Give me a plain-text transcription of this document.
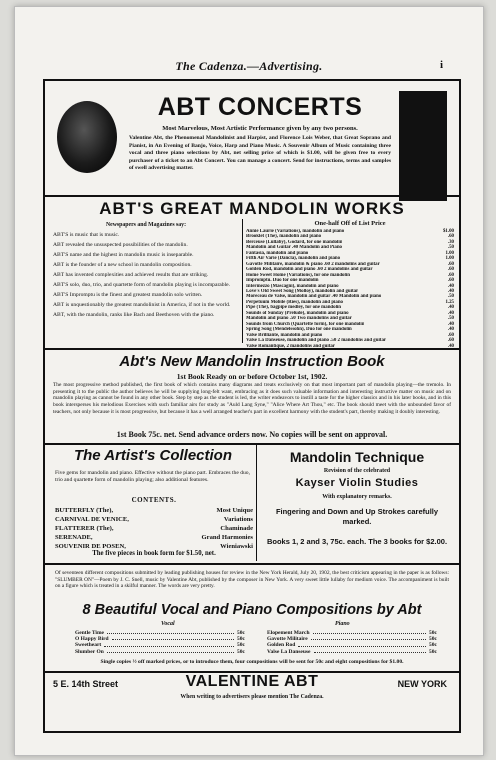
The Cadenza.—Advertising.	i
ABT CONCERTS
Most Marvelous, Most Artistic Performance given by any two persons.
Valentine Abt, the Phenomenal Mandolinist and Harpist, and Florence Lois Weber, that Great Soprano and Pianist, in An Evening of Banjo, Voice, Harp and Piano Music. A Souvenir Album of Music containing three vocal and three piano selections by Abt, net selling price of which is $1.00, will be given free to every purchaser of a ticket to an Abt Concert. You can manage a concert. Send for instructions, terms and samples of swell advertising matter.
ABT'S GREAT MANDOLIN WORKS
Newspapers and Magazines say:
ABT'S is music that is music.
ABT revealed the unsuspected possibilities of the mandolin.
ABT'S name and the highest in mandolin music is inseparable.
ABT is the founder of a new school in mandolin composition.
ABT has invented complexities and achieved results that are striking.
ABT'S solo, duo, trio, and quartette form of mandolin playing is incomparable.
ABT'S Impromptu is the finest and greatest mandolin solo written.
ABT is unquestionably the greatest mandolinist in America, if not in the world.
ABT, with the mandolin, ranks like Bach and Beethoven with the piano.
One-half Off of List Price
Annie Laurie (Variations), mandolin and piano	$1.00
Brooklet (The), mandolin and piano	.60
Berceuse (Lullaby), Godard, for one mandolin	.30
Mandolin and Guitar .40 Mandolin and Piano	.50
Fantasia, mandolin and piano	1.00
Fifth Air Varie (Dancla), mandolin and piano	1.00
Gavotte Militaire, mandolin & piano .60 2 mandolins and guitar	.60
Golden Rod, mandolin and piano .60 2 mandolins and guitar	.60
Home Sweet Home (Variations), for one mandolin	.60
Impromptu. Duo for one mandolin	.60
Intermezzo (Mascagni), mandolin and piano	.40
Love's Old Sweet Song (Molloy), mandolin and guitar	.40
Moreceau de Valse, mandolin and guitar .40 Mandolin and piano	.50
Perpetuum Mobile (Ries), mandolin and piano	1.25
Pipe (The), bagpipe medley, for one mandolin	.40
Sounds of Sunday (Prelude), mandolin and piano	.40
Mandolin and piano .50 Two mandolins and guitar	.50
Sounds from Church (Quartette form), for one mandolin	.40
Spring Song (Mendelssohn), Duo for one mandolin	.40
Valse Brilliante, mandolin and piano	.60
Valse La Danseuse, mandolin and piano .50 2 mandolins and guitar	.60
Valse Romantique, 2 mandolins and guitar	.40
Abt's New Mandolin Instruction Book
1st Book Ready on or before October 1st, 1902.
The most progressive method published, the first book of which contains many diagrams and treats exclusively on that most important part of mandolin playing—the tremolo. In presenting it to the public the author believes he will be supplying long-felt want, embracing as it does such valuable information and interesting instructive matter on music and on mandolin playing as cannot be found in any other book. Step by step as the student is led, the writer endeavors to instill a taste for the higher classics and in his later books, and in this book intersperses his melodious Exercises with such familiar airs for study as "Auld Lang Syne," "Alice Where Art Thou," etc. The book should meet with the unbounded favor of teachers, not only because it is most progressive, but because it has a well arranged teacher's part in excellent harmony with the student's part, thereby making it doubly interesting.
1st Book 75c. net. Send advance orders now. No copies will be sent on approval.
The Artist's Collection
Five gems for mandolin and piano. Effective without the piano part. Embraces the duo, trio and quartette form of mandolin playing; also additional features.
CONTENTS.
BUTTERFLY (The),	Most Unique
CARNIVAL DE VENICE,	Variations
FLATTERER (The),	Chaminade
SERENADE,	Grand Harmonies
SOUVENIR DE POSEN,	Wieniawski
The five pieces in book form for $1.50, net.
Mandolin Technique
Revision of the celebrated
Kayser Violin Studies
With explanatory remarks.
Fingering and Down and Up Strokes carefully marked.
Books 1, 2 and 3, 75c. each. The 3 books for $2.00.
Of seventeen different compositions submitted by leading publishing houses for review in the New York Herald, July 20, 1902, the best criticism appearing in the paper is as follows: "SLUMBER ON"—Poem by J. C. Snell, music by Valentine Abt, published by the composer in New York. A very sweet little lullaby for medium voice. The accompaniment is built on a figure which is treated in a skilful manner. The words are very pretty.
8 Beautiful Vocal and Piano Compositions by Abt
Vocal	Piano
Gentle Time	50c
O Happy Bird	50c
Sweetheart	50c
Slumber On	50c
Elopement March	50c
Gavotte Militaire	50c
Golden Rod	50c
Valse La Danseuse	50c
Single copies ½ off marked prices, or to introduce them, four compositions will be sent for 50c and eight compositions for $1.00.
5 E. 14th Street	VALENTINE ABT	NEW YORK
When writing to advertisers please mention The Cadenza.
